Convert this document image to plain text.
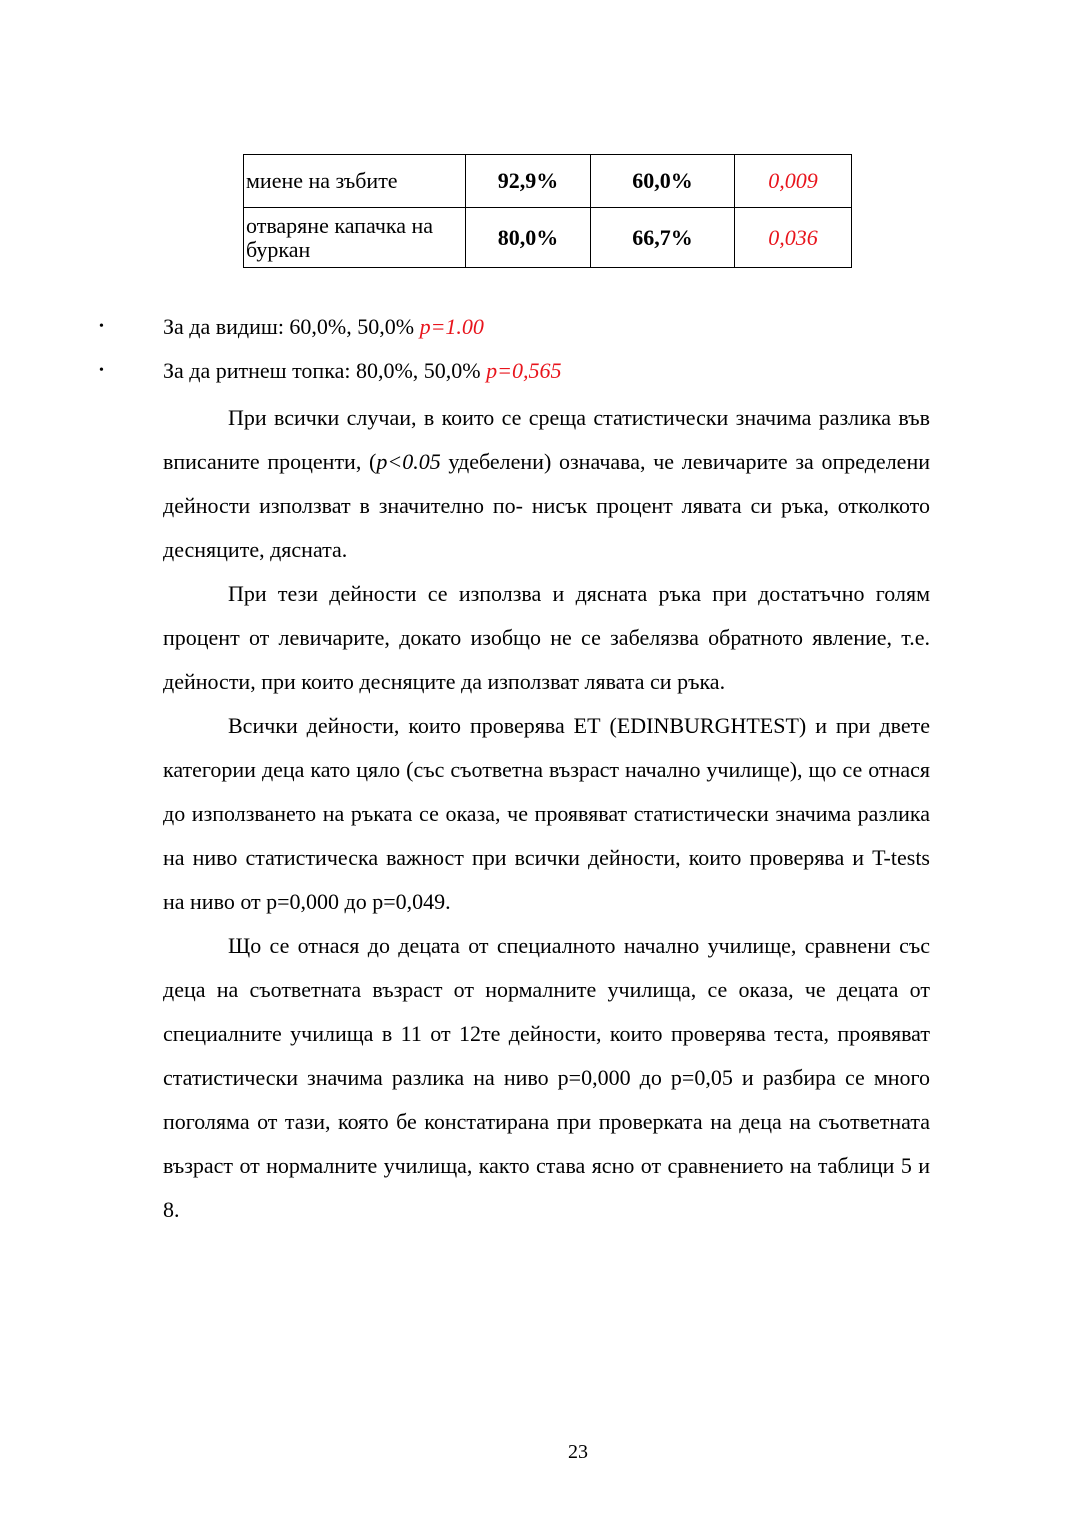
миене на зъбите	92,9%	60,0%	0,009
отваряне капачка на буркан	80,0%	66,7%	0,036
•	За да видиш: 60,0%, 50,0% p=1.00
•	За да ритнеш топка: 80,0%, 50,0% p=0,565

При всички случаи, в които се среща статистически значима разлика във вписаните проценти, (p<0.05 удебелени) означава, че левичарите за определени дейности използват в значително по- нисък процент лявата си ръка, отколкото десняците, дясната.

При тези дейности се използва и дясната ръка при достатъчно голям процент от левичарите, докато изобщо не се забелязва обратното явление, т.е. дейности, при които десняците да използват лявата си ръка.

Всички дейности, които проверява ЕТ (EDINBURGHTEST) и при двете категории деца като цяло (със съответна възраст начално училище), що се отнася до използването на ръката се оказа, че проявяват статистически значима разлика на ниво статистическа важност при всички дейности, които проверява и T-tests на ниво от p=0,000 до p=0,049.

Що се отнася до децата от специалното начално училище, сравнени със деца на съответната възраст от нормалните училища, се оказа, че децата от специалните училища в 11 от 12те дейности, които проверява теста, проявяват статистически значима разлика на ниво p=0,000 до p=0,05 и разбира се много поголяма от тази, която бе констатирана при проверката на деца на съответната възраст от нормалните училища, както става ясно от сравнението на таблици 5 и 8.

23
